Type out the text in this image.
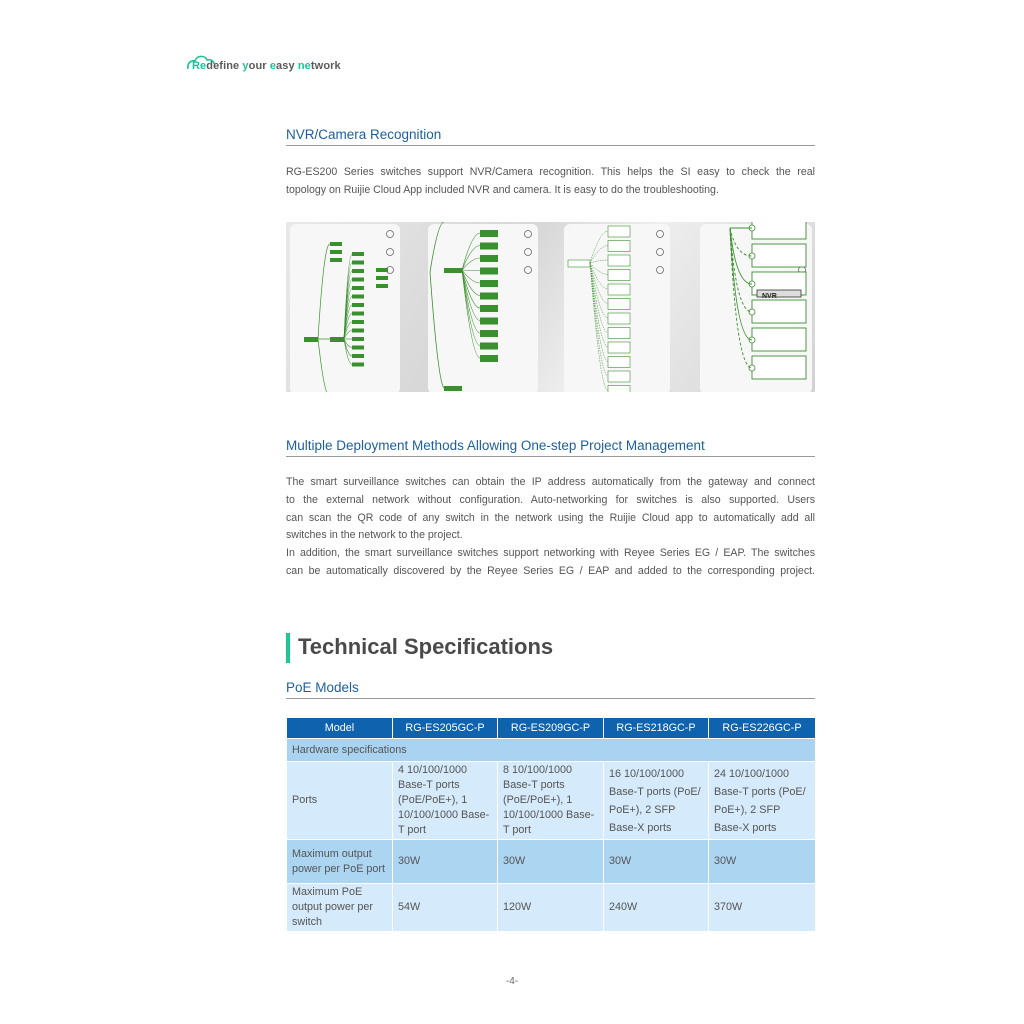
Redefine your easy network
NVR/Camera Recognition
RG-ES200 Series switches support NVR/Camera recognition. This helps the SI easy to check the real
topology on Ruijie Cloud App included NVR and camera. It is easy to do the troubleshooting.
NVR
Multiple Deployment Methods Allowing One-step Project Management
The smart surveillance switches can obtain the IP address automatically from the gateway and connect
to the external network without configuration. Auto-networking for switches is also supported. Users
can scan the QR code of any switch in the network using the Ruijie Cloud app to automatically add all
switches in the network to the project.
In addition, the smart surveillance switches support networking with Reyee Series EG / EAP. The switches
can be automatically discovered by the Reyee Series EG / EAP and added to the corresponding project.
Technical Specifications
PoE Models
Model	RG-ES205GC-P	RG-ES209GC-P	RG-ES218GC-P	RG-ES226GC-P
Hardware specifications				
Ports	4 10/100/1000 Base-T ports (PoE/PoE+), 1 10/100/1000 Base-T port	8 10/100/1000 Base-T ports (PoE/PoE+), 1 10/100/1000 Base-T port	16 10/100/1000 Base-T ports (PoE/ PoE+), 2 SFP Base-X ports	24 10/100/1000 Base-T ports (PoE/ PoE+), 2 SFP Base-X ports
Maximum output power per PoE port	30W	30W	30W	30W
Maximum PoE output power per switch	54W	120W	240W	370W
-4-
